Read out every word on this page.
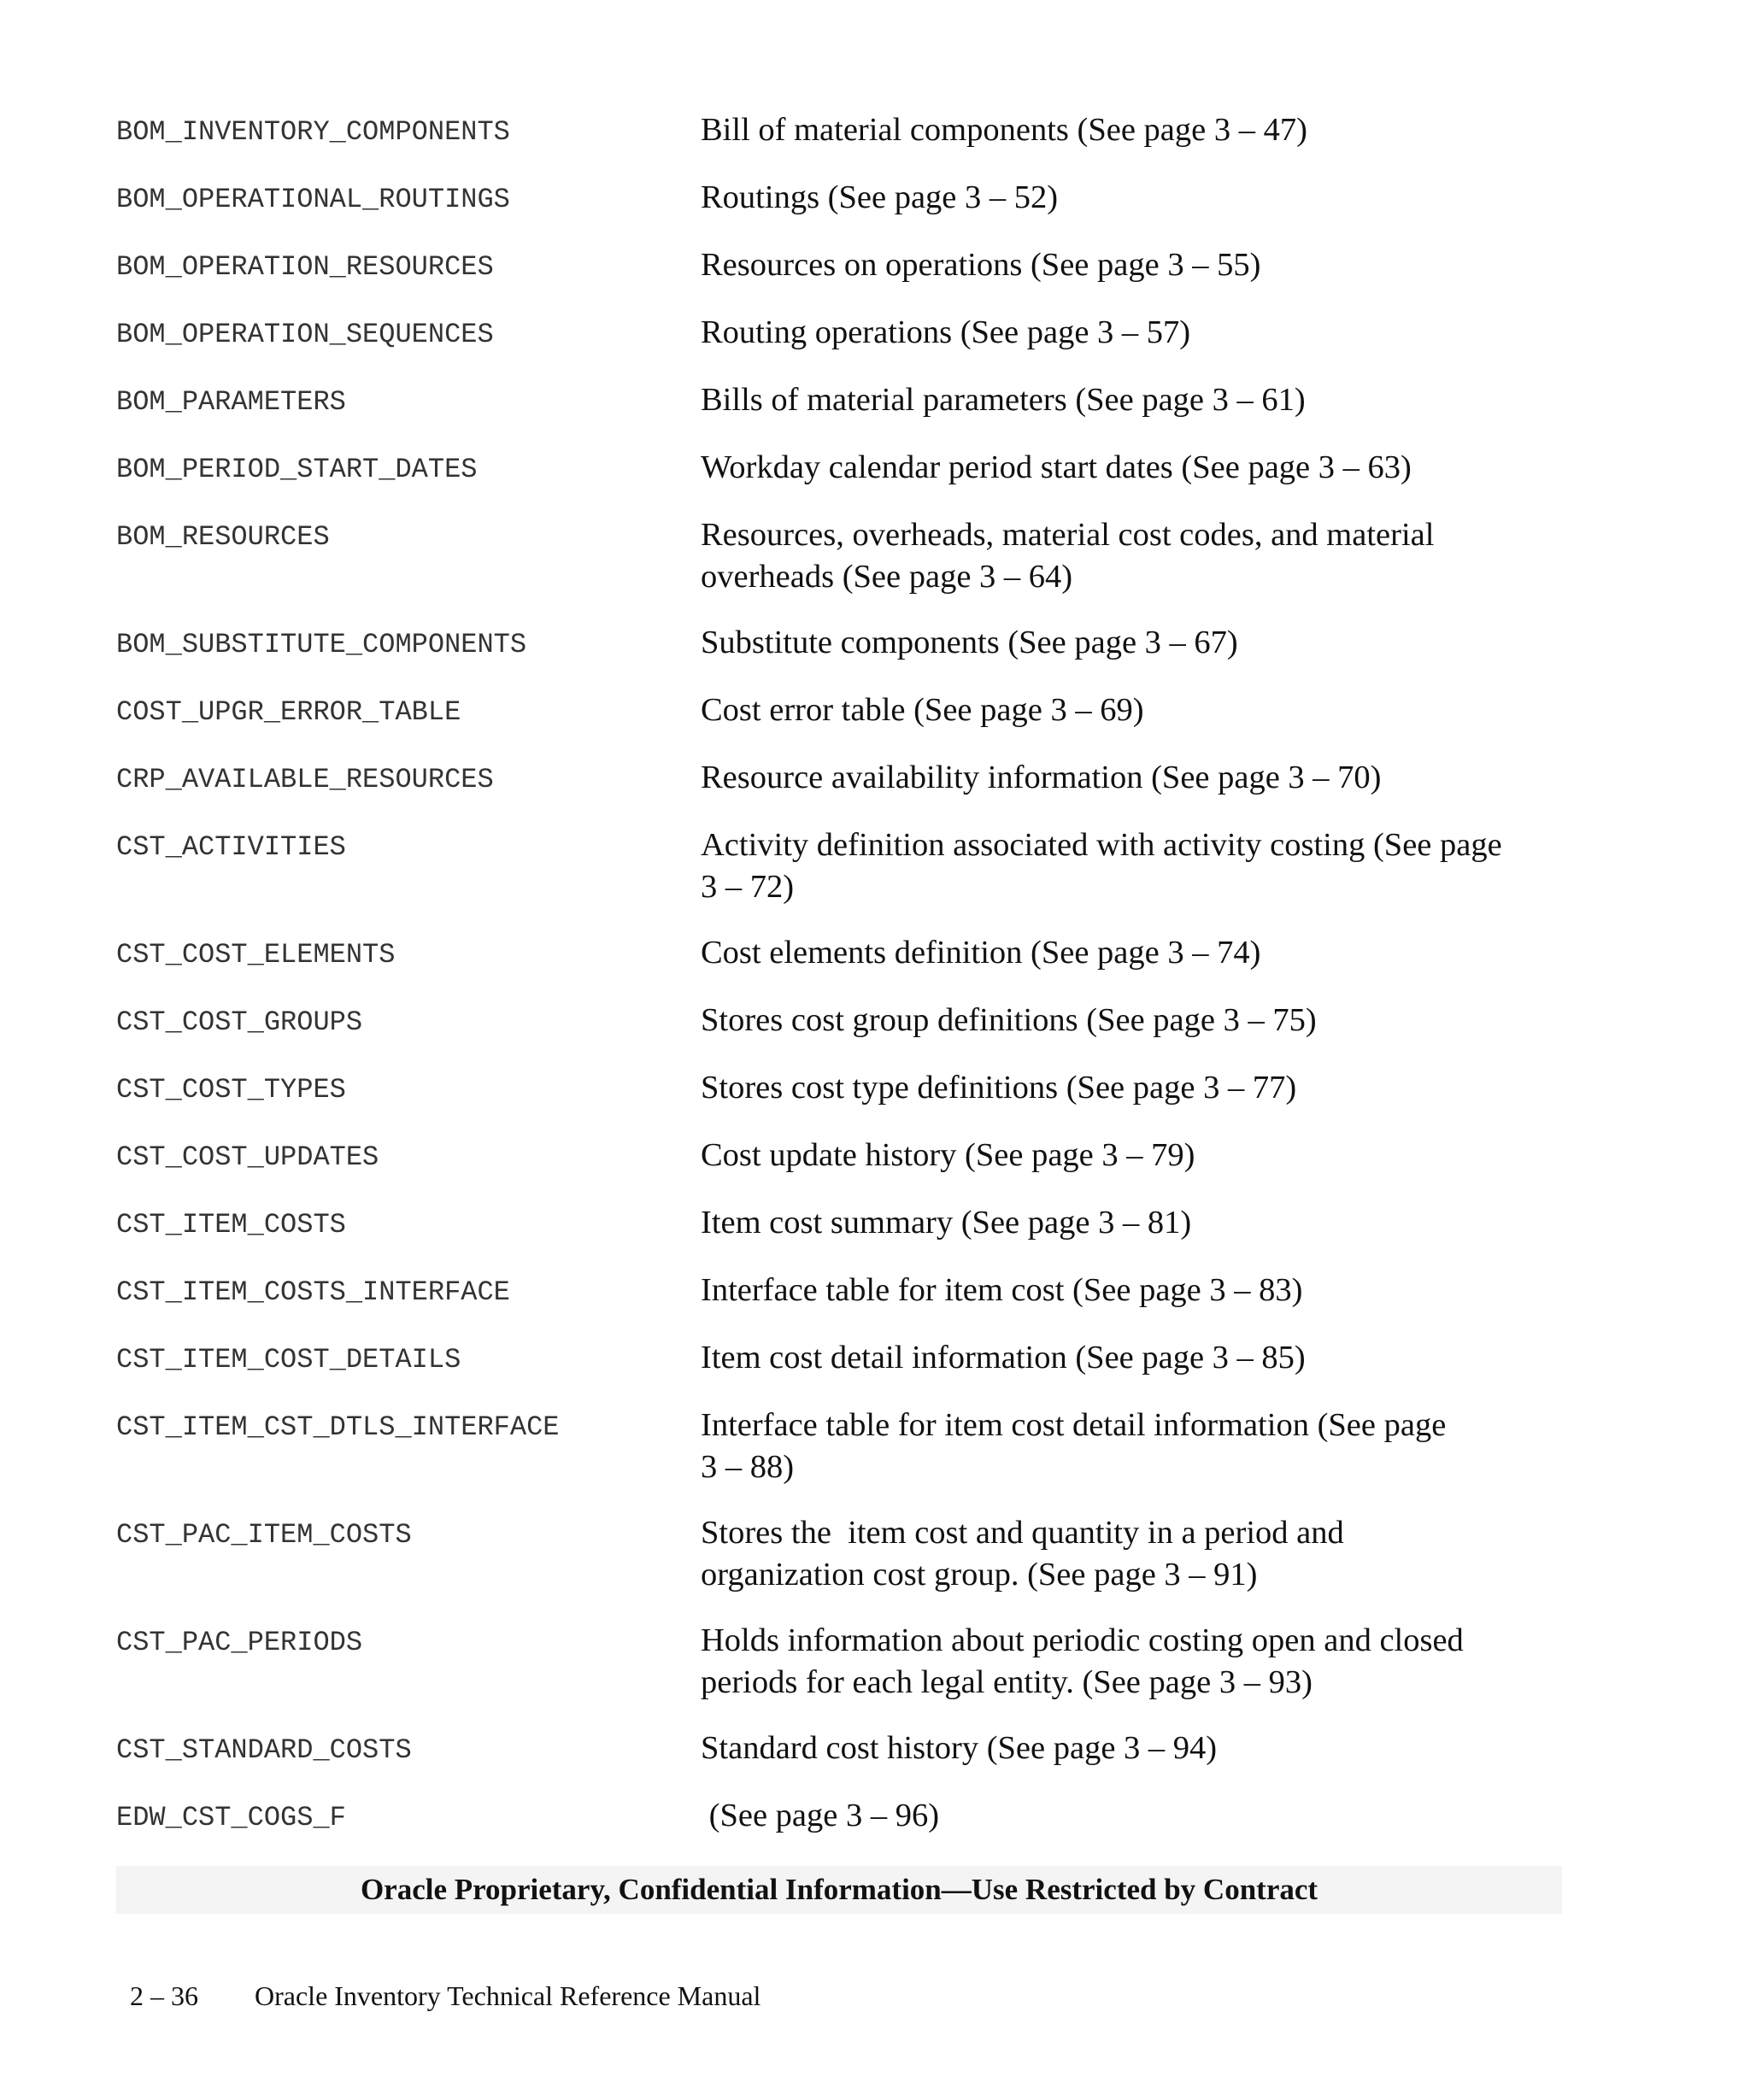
BOM_INVENTORY_COMPONENTS	Bill of material components (See page 3 – 47)
BOM_OPERATIONAL_ROUTINGS	Routings (See page 3 – 52)
BOM_OPERATION_RESOURCES	Resources on operations (See page 3 – 55)
BOM_OPERATION_SEQUENCES	Routing operations (See page 3 – 57)
BOM_PARAMETERS	Bills of material parameters (See page 3 – 61)
BOM_PERIOD_START_DATES	Workday calendar period start dates (See page 3 – 63)
BOM_RESOURCES	Resources, overheads, material cost codes, and material
overheads (See page 3 – 64)
BOM_SUBSTITUTE_COMPONENTS	Substitute components (See page 3 – 67)
COST_UPGR_ERROR_TABLE	Cost error table (See page 3 – 69)
CRP_AVAILABLE_RESOURCES	Resource availability information (See page 3 – 70)
CST_ACTIVITIES	Activity definition associated with activity costing (See page
3 – 72)
CST_COST_ELEMENTS	Cost elements definition (See page 3 – 74)
CST_COST_GROUPS	Stores cost group definitions (See page 3 – 75)
CST_COST_TYPES	Stores cost type definitions (See page 3 – 77)
CST_COST_UPDATES	Cost update history (See page 3 – 79)
CST_ITEM_COSTS	Item cost summary (See page 3 – 81)
CST_ITEM_COSTS_INTERFACE	Interface table for item cost (See page 3 – 83)
CST_ITEM_COST_DETAILS	Item cost detail information (See page 3 – 85)
CST_ITEM_CST_DTLS_INTERFACE	Interface table for item cost detail information (See page
3 – 88)
CST_PAC_ITEM_COSTS	Stores the  item cost and quantity in a period and
organization cost group. (See page 3 – 91)
CST_PAC_PERIODS	Holds information about periodic costing open and closed
periods for each legal entity. (See page 3 – 93)
CST_STANDARD_COSTS	Standard cost history (See page 3 – 94)
EDW_CST_COGS_F	(See page 3 – 96)
Oracle Proprietary, Confidential Information––Use Restricted by Contract

2 – 36 Oracle Inventory Technical Reference Manual
